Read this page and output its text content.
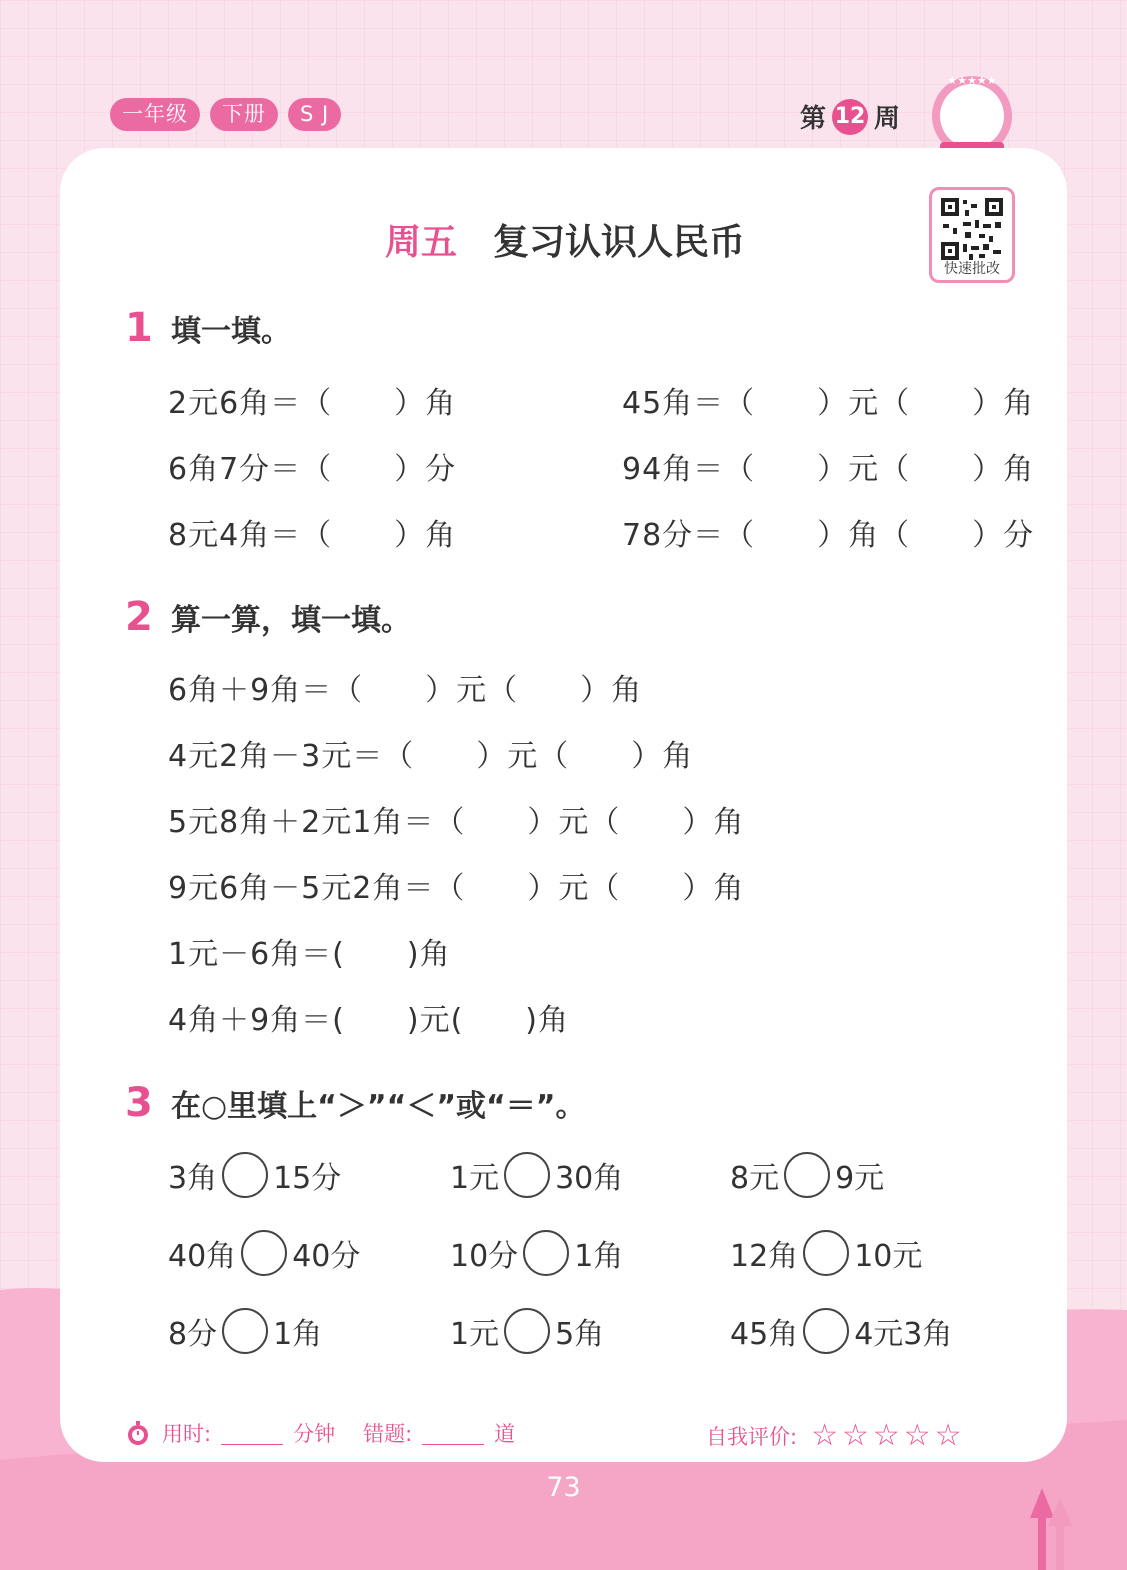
一年级	下册	S J	第 12 周
★★★★★
快速批改
周五 复习认识人民币
1 填一填。
2元6角＝（　　）角	45角＝（　　）元（　　）角
6角7分＝（　　）分	94角＝（　　）元（　　）角
8元4角＝（　　）角	78分＝（　　）角（　　）分
2 算一算，填一填。
6角＋9角＝（　　）元（　　）角
4元2角－3元＝（　　）元（　　）角
5元8角＋2元1角＝（　　）元（　　）角
9元6角－5元2角＝（　　）元（　　）角
1元－6角＝(　　)角
4角＋9角＝(　　)元(　　)角
3 在○里填上“＞”“＜”或“＝”。
3角 15分	1元 30角	8元 9元
40角 40分	10分 1角	12角 10元
8分 1角	1元 5角	45角 4元3角
用时:	分钟 错题:	道	自我评价: ☆☆☆☆☆
73
